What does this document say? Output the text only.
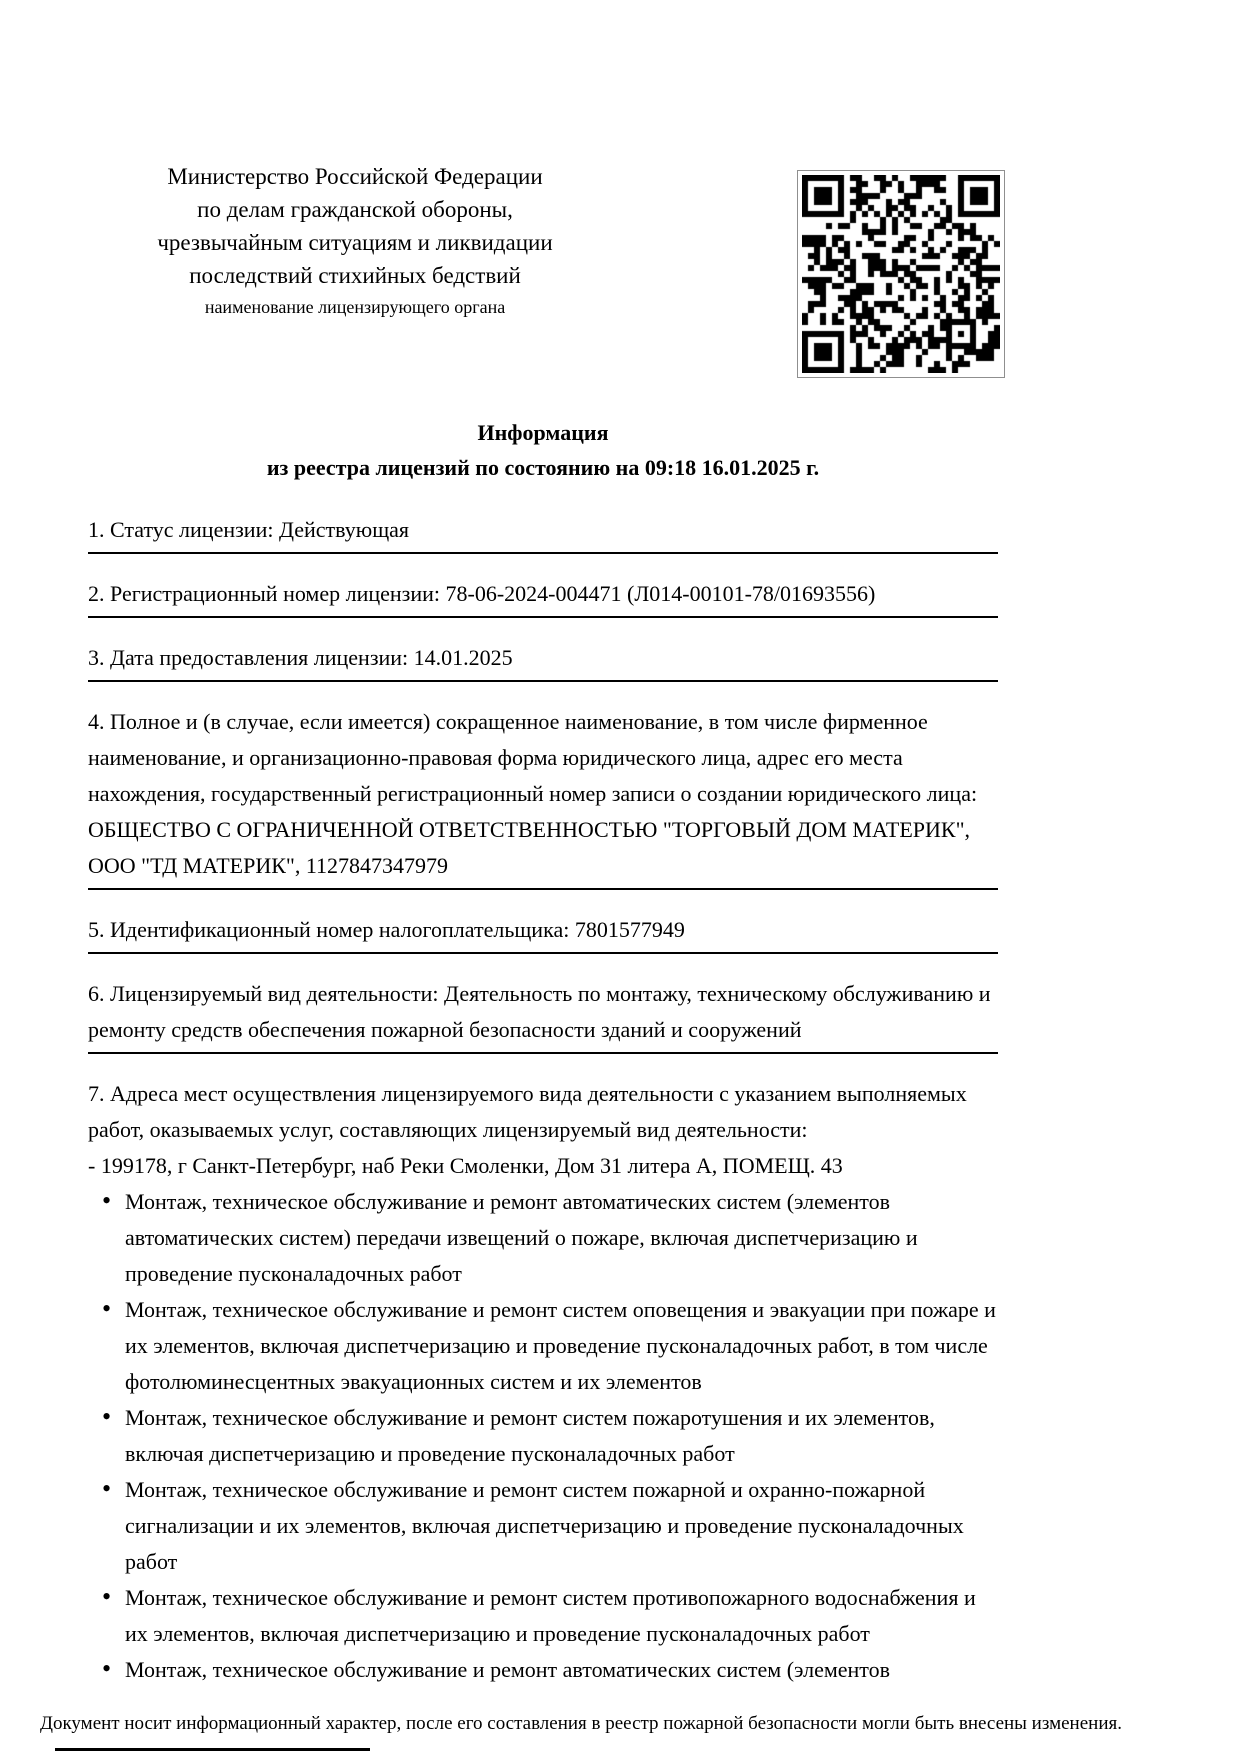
Министерство Российской Федерации
по делам гражданской обороны,
чрезвычайным ситуациям и ликвидации
последствий стихийных бедствий
наименование лицензирующего органа
Информация
из реестра лицензий по состоянию на 09:18 16.01.2025 г.
1. Статус лицензии: Действующая
2. Регистрационный номер лицензии: 78-06-2024-004471 (Л014-00101-78/01693556)
3. Дата предоставления лицензии: 14.01.2025
4. Полное и (в случае, если имеется) сокращенное наименование, в том числе фирменное наименование, и организационно-правовая форма юридического лица, адрес его места нахождения, государственный регистрационный номер записи о создании юридического лица: ОБЩЕСТВО С ОГРАНИЧЕННОЙ ОТВЕТСТВЕННОСТЬЮ "ТОРГОВЫЙ ДОМ МАТЕРИК", ООО "ТД МАТЕРИК", 1127847347979
5. Идентификационный номер налогоплательщика: 7801577949
6. Лицензируемый вид деятельности: Деятельность по монтажу, техническому обслуживанию и ремонту средств обеспечения пожарной безопасности зданий и сооружений

7. Адреса мест осуществления лицензируемого вида деятельности с указанием выполняемых работ, оказываемых услуг, составляющих лицензируемый вид деятельности:

- 199178, г Санкт-Петербург, наб Реки Смоленки, Дом 31 литера А, ПОМЕЩ. 43

• Монтаж, техническое обслуживание и ремонт автоматических систем (элементов автоматических систем) передачи извещений о пожаре, включая диспетчеризацию и проведение пусконаладочных работ
• Монтаж, техническое обслуживание и ремонт систем оповещения и эвакуации при пожаре и их элементов, включая диспетчеризацию и проведение пусконаладочных работ, в том числе фотолюминесцентных эвакуационных систем и их элементов
• Монтаж, техническое обслуживание и ремонт систем пожаротушения и их элементов, включая диспетчеризацию и проведение пусконаладочных работ
• Монтаж, техническое обслуживание и ремонт систем пожарной и охранно-пожарной сигнализации и их элементов, включая диспетчеризацию и проведение пусконаладочных работ
• Монтаж, техническое обслуживание и ремонт систем противопожарного водоснабжения и их элементов, включая диспетчеризацию и проведение пусконаладочных работ
• Монтаж, техническое обслуживание и ремонт автоматических систем (элементов
Документ носит информационный характер, после его составления в реестр пожарной безопасности могли быть внесены изменения.
